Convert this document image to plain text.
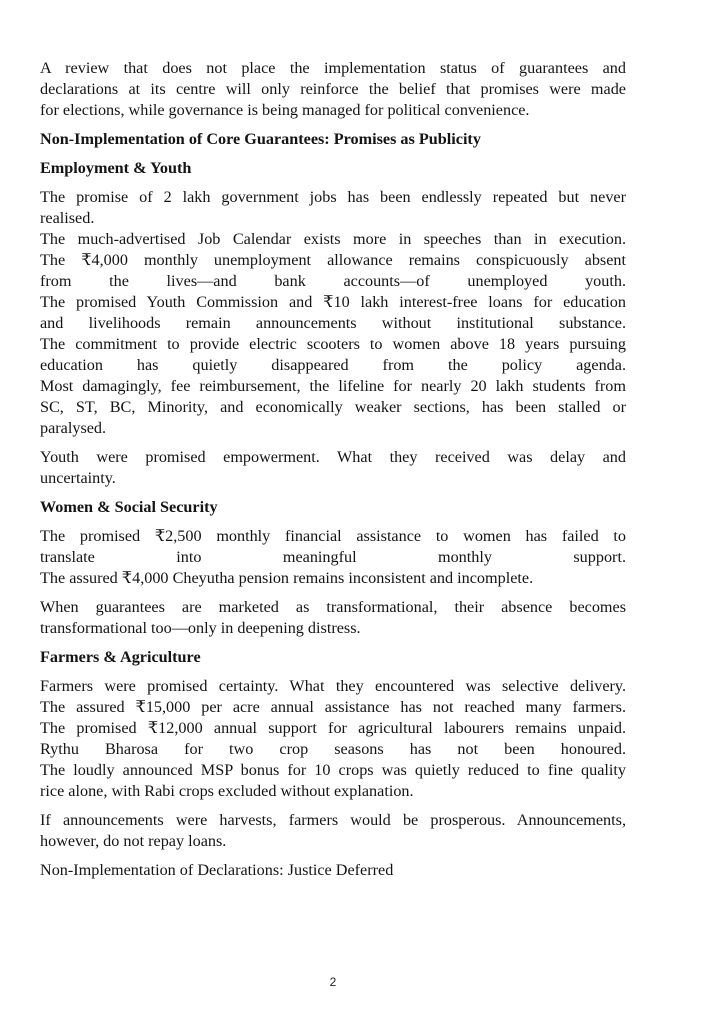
A review that does not place the implementation status of guarantees and

declarations at its centre will only reinforce the belief that promises were made

for elections, while governance is being managed for political convenience.

Non-Implementation of Core Guarantees: Promises as Publicity

Employment & Youth

The promise of 2 lakh government jobs has been endlessly repeated but never

realised.

The much-advertised Job Calendar exists more in speeches than in execution.

The ₹4,000 monthly unemployment allowance remains conspicuously absent

from the lives—and bank accounts—of unemployed youth.

The promised Youth Commission and ₹10 lakh interest-free loans for education

and livelihoods remain announcements without institutional substance.

The commitment to provide electric scooters to women above 18 years pursuing

education has quietly disappeared from the policy agenda.

Most damagingly, fee reimbursement, the lifeline for nearly 20 lakh students from

SC, ST, BC, Minority, and economically weaker sections, has been stalled or

paralysed.

Youth were promised empowerment. What they received was delay and

uncertainty.

Women & Social Security

The promised ₹2,500 monthly financial assistance to women has failed to

translate into meaningful monthly support.

The assured ₹4,000 Cheyutha pension remains inconsistent and incomplete.

When guarantees are marketed as transformational, their absence becomes

transformational too—only in deepening distress.

Farmers & Agriculture

Farmers were promised certainty. What they encountered was selective delivery.

The assured ₹15,000 per acre annual assistance has not reached many farmers.

The promised ₹12,000 annual support for agricultural labourers remains unpaid.

Rythu Bharosa for two crop seasons has not been honoured.

The loudly announced MSP bonus for 10 crops was quietly reduced to fine quality

rice alone, with Rabi crops excluded without explanation.

If announcements were harvests, farmers would be prosperous. Announcements,

however, do not repay loans.

Non-Implementation of Declarations: Justice Deferred

2
